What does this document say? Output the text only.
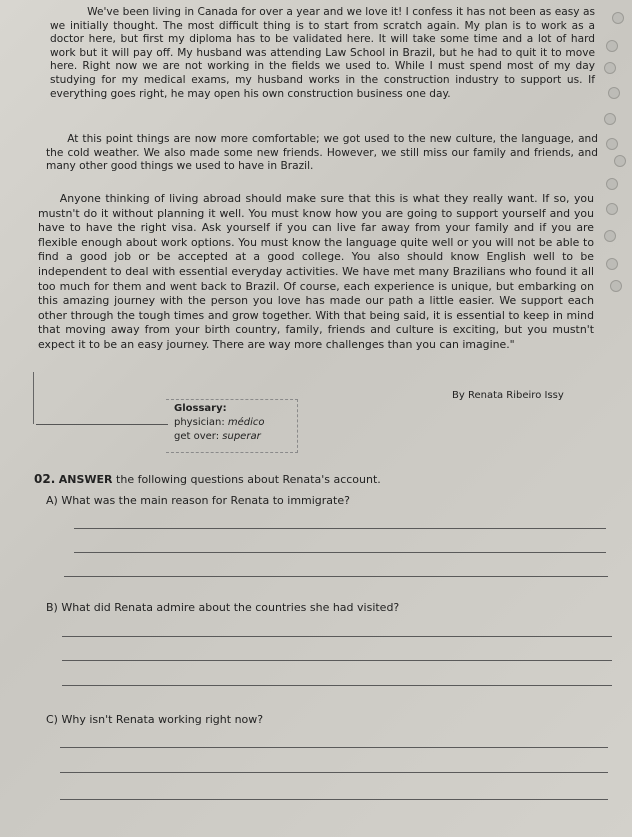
We've been living in Canada for over a year and we love it! I confess it has not been as easy as we initially thought. The most difficult thing is to start from scratch again. My plan is to work as a doctor here, but first my diploma has to be validated here. It will take some time and a lot of hard work but it will pay off. My husband was attending Law School in Brazil, but he had to quit it to move here. Right now we are not working in the fields we used to. While I must spend most of my day studying for my medical exams, my husband works in the construction industry to support us. If everything goes right, he may open his own construction business one day.

At this point things are now more comfortable; we got used to the new culture, the language, and the cold weather. We also made some new friends. However, we still miss our family and friends, and many other good things we used to have in Brazil.

Anyone thinking of living abroad should make sure that this is what they really want. If so, you mustn't do it without planning it well. You must know how you are going to support yourself and you have to have the right visa. Ask yourself if you can live far away from your family and if you are flexible enough about work options. You must know the language quite well or you will not be able to find a good job or be accepted at a good college. You also should know English well to be independent to deal with essential everyday activities. We have met many Brazilians who found it all too much for them and went back to Brazil. Of course, each experience is unique, but embarking on this amazing journey with the person you love has made our path a little easier. We support each other through the tough times and grow together. With that being said, it is essential to keep in mind that moving away from your birth country, family, friends and culture is exciting, but you mustn't expect it to be an easy journey. There are way more challenges than you can imagine."

Glossary:
physician: médico
get over: superar
By Renata Ribeiro Issy
02. ANSWER the following questions about Renata's account.
A) What was the main reason for Renata to immigrate?
B) What did Renata admire about the countries she had visited?
C) Why isn't Renata working right now?
